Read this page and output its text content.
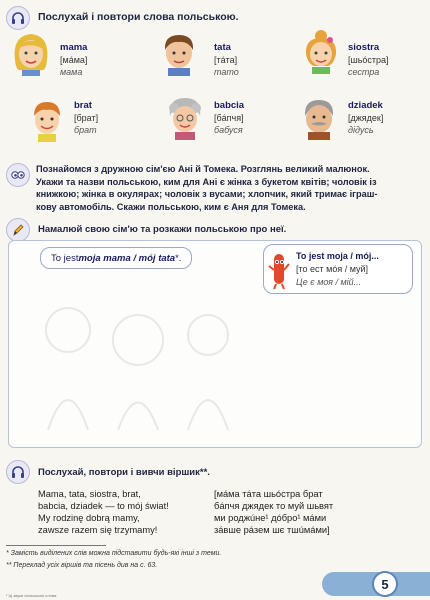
Послухай і повтори слова польською.
mama
[мáма]
мама
tata
[тáта]
тато
siostra
[шьóстра]
сестра
brat
[брат]
брат
babcia
[бáпчя]
бабуся
dziadek
[джядек]
дідусь
Познайомся з дружною сім'єю Ані й Томека. Розглянь великий малюнок.
Укажи та назви польською, ким для Ані є жінка з букетом квітів; чоловік із
книжкою; жінка в окулярах; чоловік з вусами; хлопчик, який тримає іграш-
кову автомобіль. Скажи польською, ким є Аня для Томека.
Намалюй свою сім'ю та розкажи польською про неї.
To jest moja mama / mój tata *.	To jest moja / mój...
[то ест мóя / муй]
Це є моя / мій...
Послухай, повтори і вивчи віршик**.
Mama, tata, siostra, brat,
babcia, dziadek — to mój świat!
My rodzinę dobrą mamy,
zawsze razem się trzymamy!
[мáма тáта шьóстра брат
бáпчя джядек то муй шьвят
ми роджúнe¹ дóбро¹ мáми
зáвше рáзем шє тшúмáми]
* Замість виділених слів можна підставити будь-які інші з теми.
** Переклад усіх віршів та пісень див на с. 63.
¹ Ці звуки польською слова.
5
